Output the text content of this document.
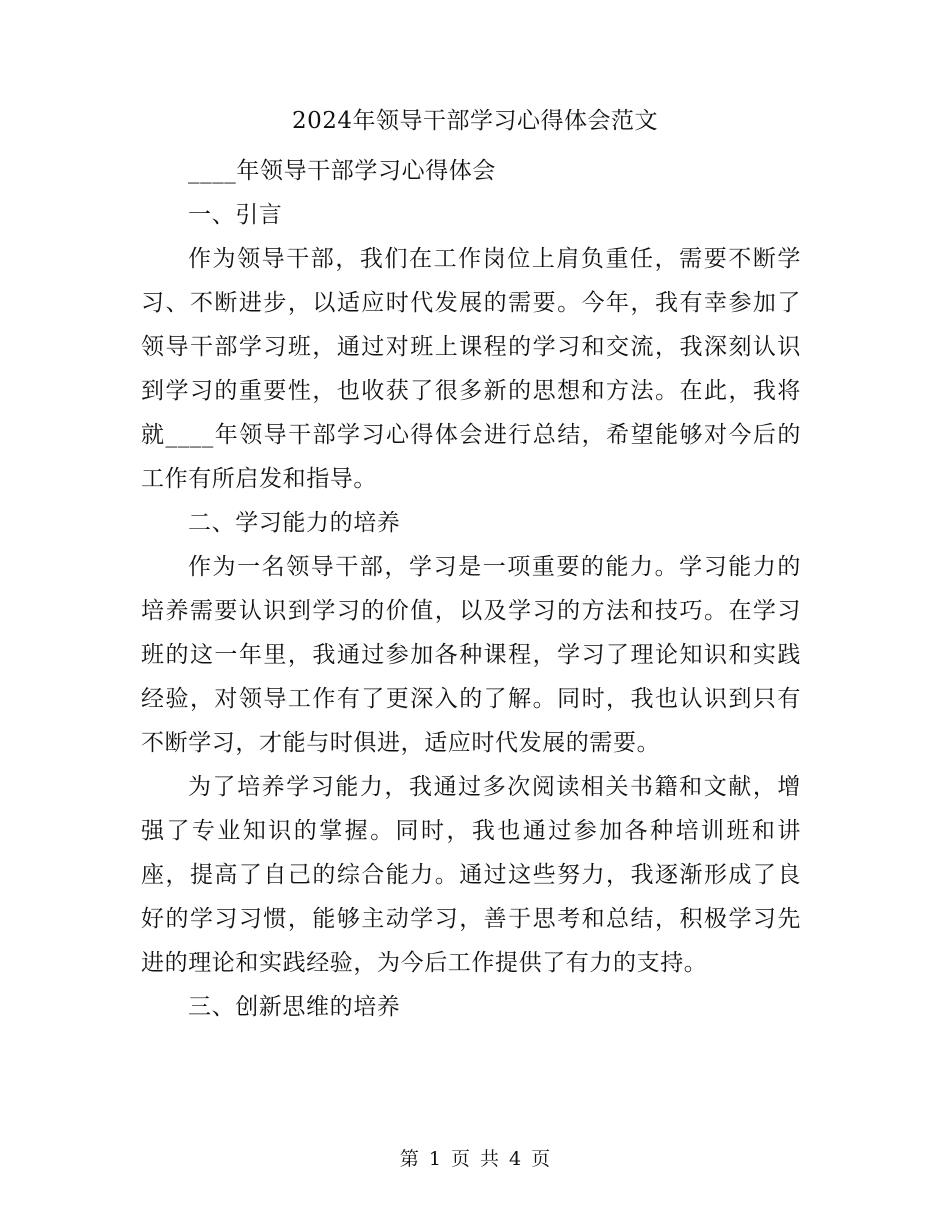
2024年领导干部学习心得体会范文

____年领导干部学习心得体会

一、引言

作为领导干部，我们在工作岗位上肩负重任，需要不断学习、不断进步，以适应时代发展的需要。今年，我有幸参加了领导干部学习班，通过对班上课程的学习和交流，我深刻认识到学习的重要性，也收获了很多新的思想和方法。在此，我将就____年领导干部学习心得体会进行总结，希望能够对今后的工作有所启发和指导。

二、学习能力的培养

作为一名领导干部，学习是一项重要的能力。学习能力的培养需要认识到学习的价值，以及学习的方法和技巧。在学习班的这一年里，我通过参加各种课程，学习了理论知识和实践经验，对领导工作有了更深入的了解。同时，我也认识到只有不断学习，才能与时俱进，适应时代发展的需要。

为了培养学习能力，我通过多次阅读相关书籍和文献，增强了专业知识的掌握。同时，我也通过参加各种培训班和讲座，提高了自己的综合能力。通过这些努力，我逐渐形成了良好的学习习惯，能够主动学习，善于思考和总结，积极学习先进的理论和实践经验，为今后工作提供了有力的支持。

三、创新思维的培养

第 1 页 共 4 页
